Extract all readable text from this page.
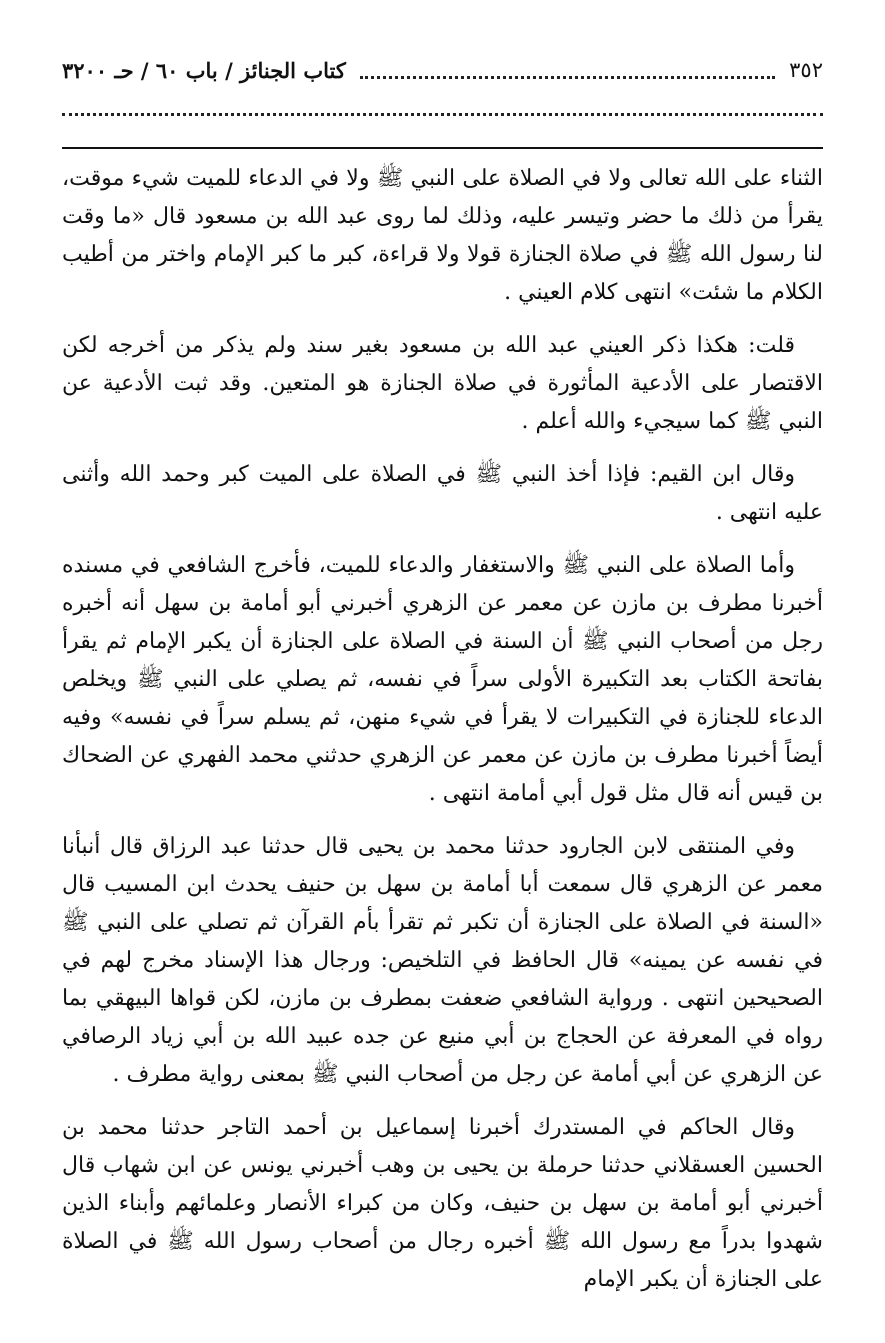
٣٥٢
كتاب الجنائز / باب ٦٠ / حـ ٣٢٠٠

الثناء على الله تعالى ولا في الصلاة على النبي ﷺ ولا في الدعاء للميت شيء موقت، يقرأ من ذلك ما حضر وتيسر عليه، وذلك لما روى عبد الله بن مسعود قال «ما وقت لنا رسول الله ﷺ في صلاة الجنازة قولا ولا قراءة، كبر ما كبر الإمام واختر من أطيب الكلام ما شئت» انتهى كلام العيني .

قلت: هكذا ذكر العيني عبد الله بن مسعود بغير سند ولم يذكر من أخرجه لكن الاقتصار على الأدعية المأثورة في صلاة الجنازة هو المتعين. وقد ثبت الأدعية عن النبي ﷺ كما سيجيء والله أعلم .

وقال ابن القيم: فإذا أخذ النبي ﷺ في الصلاة على الميت كبر وحمد الله وأثنى عليه انتهى .

وأما الصلاة على النبي ﷺ والاستغفار والدعاء للميت، فأخرج الشافعي في مسنده أخبرنا مطرف بن مازن عن معمر عن الزهري أخبرني أبو أمامة بن سهل أنه أخبره رجل من أصحاب النبي ﷺ أن السنة في الصلاة على الجنازة أن يكبر الإمام ثم يقرأ بفاتحة الكتاب بعد التكبيرة الأولى سراً في نفسه، ثم يصلي على النبي ﷺ ويخلص الدعاء للجنازة في التكبيرات لا يقرأ في شيء منهن، ثم يسلم سراً في نفسه» وفيه أيضاً أخبرنا مطرف بن مازن عن معمر عن الزهري حدثني محمد الفهري عن الضحاك بن قيس أنه قال مثل قول أبي أمامة انتهى .

وفي المنتقى لابن الجارود حدثنا محمد بن يحيى قال حدثنا عبد الرزاق قال أنبأنا معمر عن الزهري قال سمعت أبا أمامة بن سهل بن حنيف يحدث ابن المسيب قال «السنة في الصلاة على الجنازة أن تكبر ثم تقرأ بأم القرآن ثم تصلي على النبي ﷺ في نفسه عن يمينه» قال الحافظ في التلخيص: ورجال هذا الإسناد مخرج لهم في الصحيحين انتهى . ورواية الشافعي ضعفت بمطرف بن مازن، لكن قواها البيهقي بما رواه في المعرفة عن الحجاج بن أبي منيع عن جده عبيد الله بن أبي زياد الرصافي عن الزهري عن أبي أمامة عن رجل من أصحاب النبي ﷺ بمعنى رواية مطرف .

وقال الحاكم في المستدرك أخبرنا إسماعيل بن أحمد التاجر حدثنا محمد بن الحسين العسقلاني حدثنا حرملة بن يحيى بن وهب أخبرني يونس عن ابن شهاب قال أخبرني أبو أمامة بن سهل بن حنيف، وكان من كبراء الأنصار وعلمائهم وأبناء الذين شهدوا بدراً مع رسول الله ﷺ أخبره رجال من أصحاب رسول الله ﷺ في الصلاة على الجنازة أن يكبر الإمام
